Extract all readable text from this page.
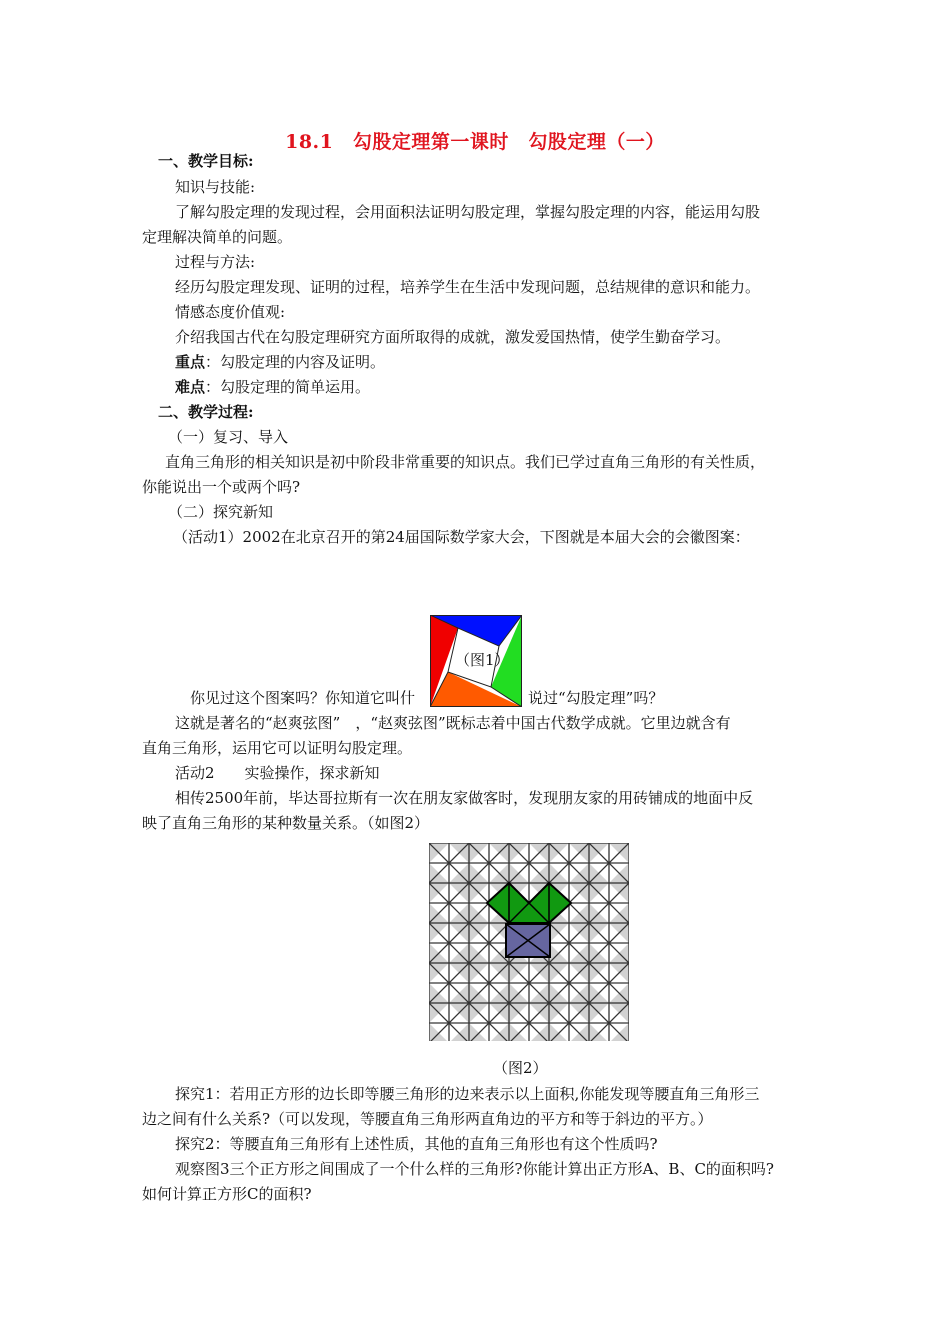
18.1　勾股定理第一课时　勾股定理（一）
一、教学目标:
知识与技能:
了解勾股定理的发现过程，会用面积法证明勾股定理，掌握勾股定理的内容，能运用勾股
定理解决简单的问题。
过程与方法:
经历勾股定理发现、证明的过程，培养学生在生活中发现问题，总结规律的意识和能力。
情感态度价值观:
介绍我国古代在勾股定理研究方面所取得的成就，激发爱国热情，使学生勤奋学习。
重点：勾股定理的内容及证明。
难点：勾股定理的简单运用。
二、教学过程:
（一）复习、导入
直角三角形的相关知识是初中阶段非常重要的知识点。我们已学过直角三角形的有关性质，
你能说出一个或两个吗?
（二）探究新知
（活动1）2002在北京召开的第24届国际数学家大会，下图就是本届大会的会徽图案：
（图1）
你见过这个图案吗？你知道它叫什	说过“勾股定理”吗？
这就是著名的“赵爽弦图”　，“赵爽弦图”既标志着中国古代数学成就。它里边就含有
直角三角形，运用它可以证明勾股定理。
活动2　　实验操作，探求新知
相传2500年前，毕达哥拉斯有一次在朋友家做客时，发现朋友家的用砖铺成的地面中反
映了直角三角形的某种数量关系。（如图2）
（图2）
探究1：若用正方形的边长即等腰三角形的边来表示以上面积,你能发现等腰直角三角形三
边之间有什么关系?（可以发现，等腰直角三角形两直角边的平方和等于斜边的平方。）
探究2：等腰直角三角形有上述性质，其他的直角三角形也有这个性质吗?
观察图3三个正方形之间围成了一个什么样的三角形?你能计算出正方形A、B、C的面积吗?
如何计算正方形C的面积?
